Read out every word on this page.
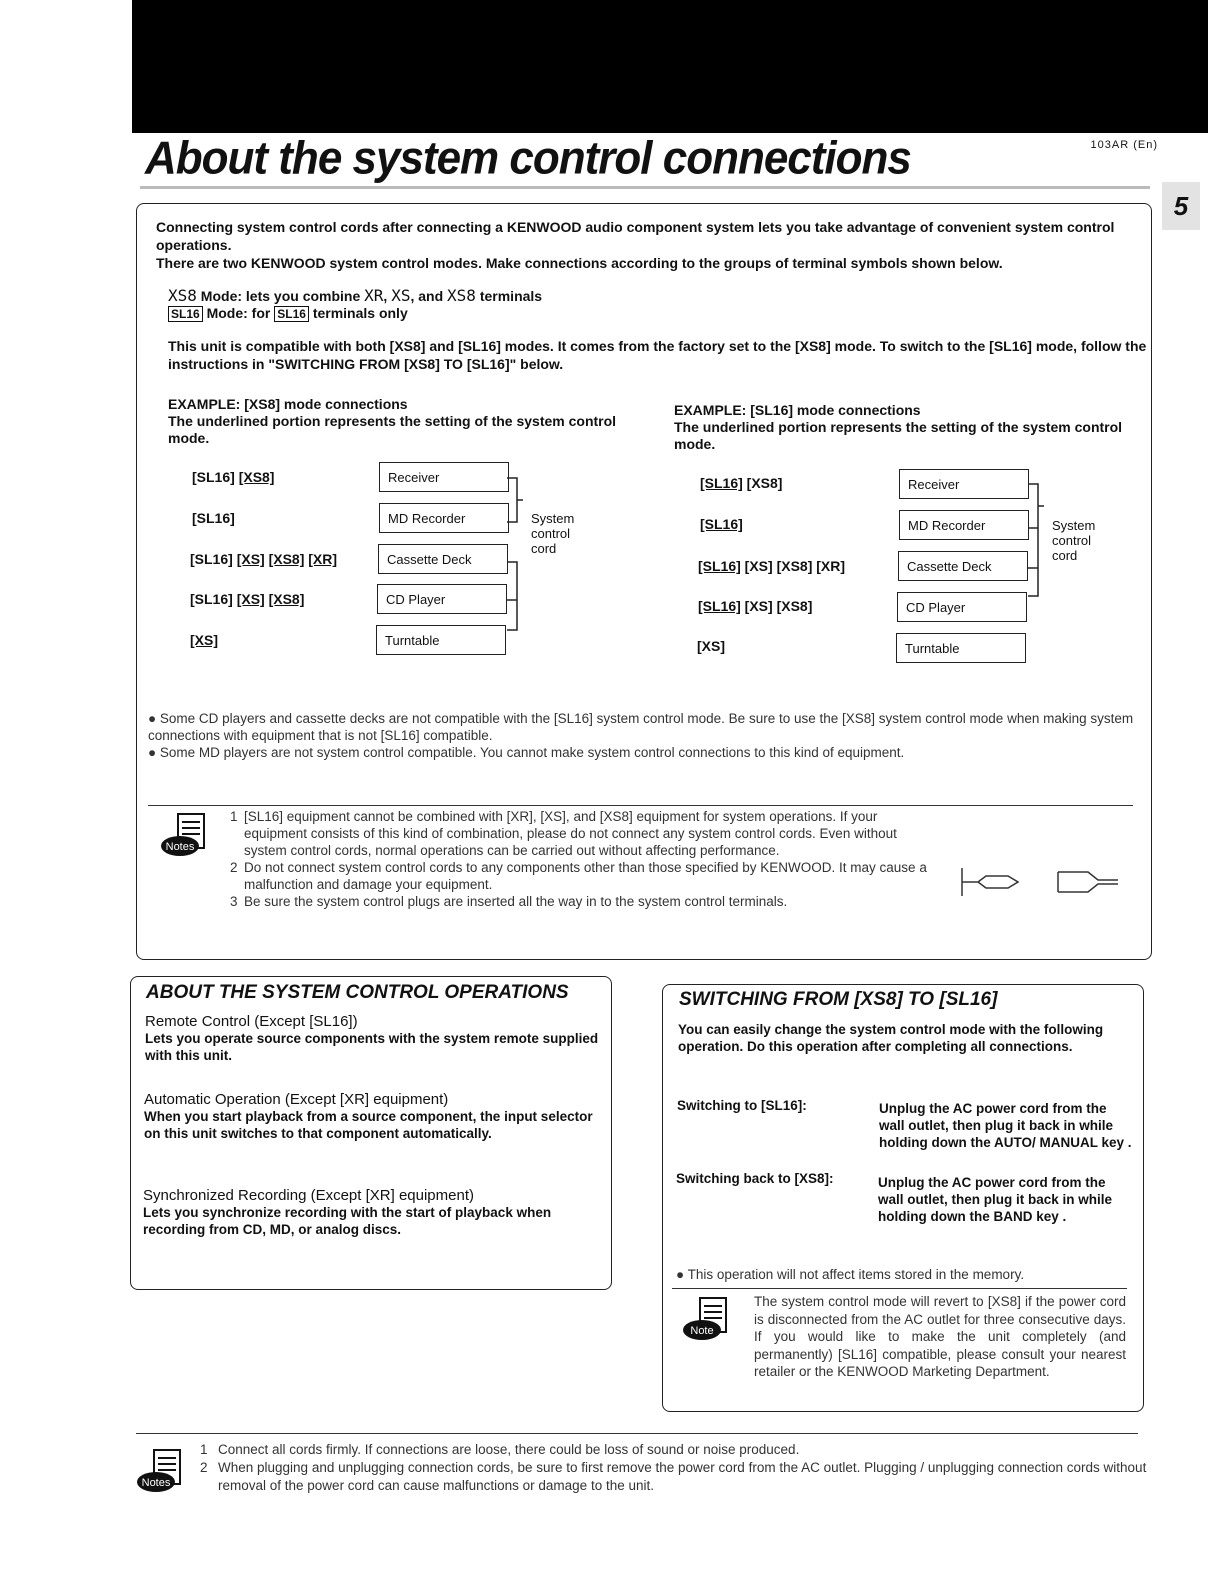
103AR (En)
About the system control connections
5
Connecting system control cords after connecting a KENWOOD audio component system lets you take advantage of convenient system control operations.
There are two KENWOOD system control modes. Make connections according to the groups of terminal symbols shown below.
XS8 Mode: lets you combine XR, XS, and XS8 terminals
SL16 Mode: for SL16 terminals only
This unit is compatible with both [XS8] and [SL16] modes. It comes from the factory set to the [XS8] mode. To switch to the [SL16] mode, follow the instructions in "SWITCHING FROM [XS8] TO [SL16]" below.
EXAMPLE: [XS8] mode connections
The underlined portion represents the setting of the system control mode.
[SL16] [XS8]
[SL16]
[SL16] [XS] [XS8] [XR]
[SL16] [XS] [XS8]
[XS]
Receiver
MD Recorder
Cassette Deck
CD Player
Turntable
System control cord
EXAMPLE: [SL16] mode connections
The underlined portion represents the setting of the system control mode.
[SL16] [XS8]
[SL16]
[SL16] [XS] [XS8] [XR]
[SL16] [XS] [XS8]
[XS]
Receiver
MD Recorder
Cassette Deck
CD Player
Turntable
System control cord
● Some CD players and cassette decks are not compatible with the [SL16] system control mode. Be sure to use the [XS8] system control mode when making system connections with equipment that is not [SL16] compatible.
● Some MD players are not system control compatible. You cannot make system control connections to this kind of equipment.
Notes
1 [SL16] equipment cannot be combined with [XR], [XS], and [XS8] equipment for system operations. If your equipment consists of this kind of combination, please do not connect any system control cords. Even without system control cords, normal operations can be carried out without affecting performance.
2 Do not connect system control cords to any components other than those specified by KENWOOD. It may cause a malfunction and damage your equipment.
3 Be sure the system control plugs are inserted all the way in to the system control terminals.
ABOUT THE SYSTEM CONTROL OPERATIONS
Remote Control (Except [SL16])
Lets you operate source components with the system remote supplied with this unit.
Automatic Operation (Except [XR] equipment)
When you start playback from a source component, the input selector on this unit switches to that component automatically.
Synchronized Recording (Except [XR] equipment)
Lets you synchronize recording with the start of playback when recording from CD, MD, or analog discs.
SWITCHING FROM [XS8] TO [SL16]
You can easily change the system control mode with the following operation. Do this operation after completing all connections.
Switching to [SL16]:	Unplug the AC power cord from the wall outlet, then plug it back in while holding down the AUTO/ MANUAL key .
Switching back to [XS8]:	Unplug the AC power cord from the wall outlet, then plug it back in while holding down the BAND key .
● This operation will not affect items stored in the memory.
Note
The system control mode will revert to [XS8] if the power cord is disconnected from the AC outlet for three consecutive days. If you would like to make the unit completely (and permanently) [SL16] compatible, please consult your nearest retailer or the KENWOOD Marketing Department.
Notes
1 Connect all cords firmly. If connections are loose, there could be loss of sound or noise produced.
2 When plugging and unplugging connection cords, be sure to first remove the power cord from the AC outlet. Plugging / unplugging connection cords without removal of the power cord can cause malfunctions or damage to the unit.
